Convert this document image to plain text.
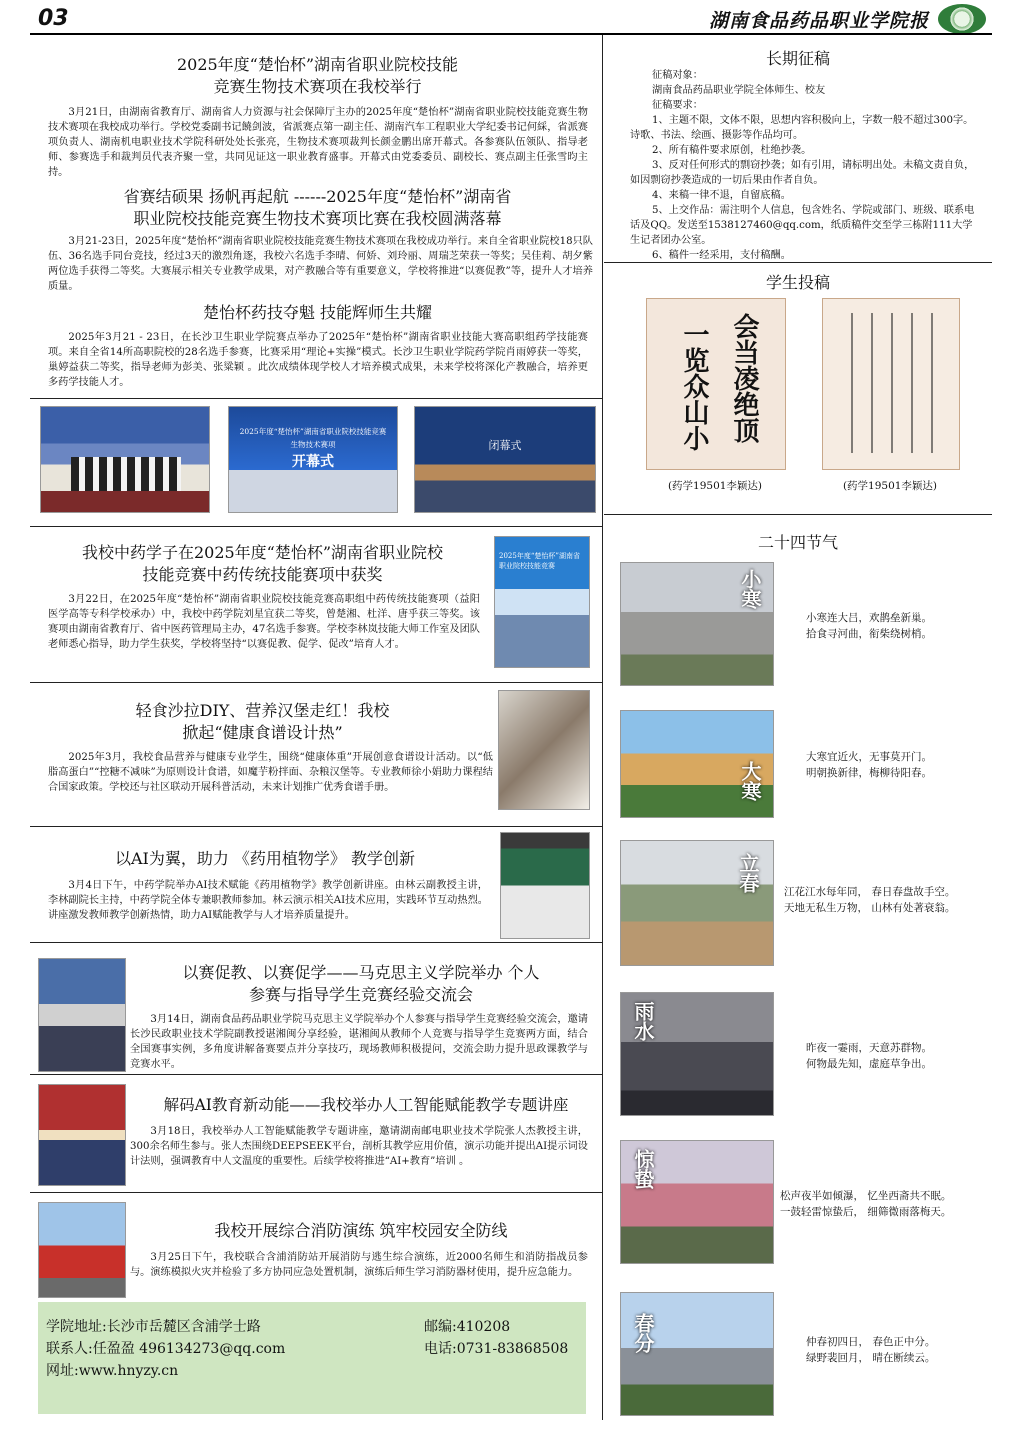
03	湖南食品药品职业学院报
2025年度“楚怡杯”湖南省职业院校技能
竞赛生物技术赛项在我校举行
3月21日，由湖南省教育厅、湖南省人力资源与社会保障厅主办的2025年度“楚怡杯”湖南省职业院校技能竞赛生物技术赛项在我校成功举行。学校党委副书记饒剑波，省派赛点第一副主任、湖南汽车工程职业大学纪委书记何綵，省派赛项负责人、湖南机电职业技术学院科研处处长张亮，生物技术赛项裁判长颜金鹏出席开幕式。各参赛队伍领队、指导老师、参赛选手和裁判员代表齐聚一堂，共同见证这一职业教育盛事。开幕式由党委委员、副校长、赛点副主任张雪昀主持。
省赛结硕果 扬帆再起航 ------2025年度“楚怡杯”湖南省
职业院校技能竞赛生物技术赛项比赛在我校圆满落幕
3月21-23日，2025年度“楚怡杯”湖南省职业院校技能竞赛生物技术赛项在我校成功举行。来自全省职业院校18只队伍、36名选手同台竞技，经过3天的激烈角逐，我校六名选手李晴、何娇、刘玲丽、周瑞芝荣获一等奖；吴佳莉、胡夕紫两位选手获得二等奖。大赛展示相关专业教学成果，对产教融合等有重要意义，学校将推进“以赛促教”等，提升人才培养质量。
楚怡杯药技夺魁 技能辉师生共耀
2025年3月21 - 23日，在长沙卫生职业学院赛点举办了2025年“楚怡杯”湖南省职业技能大赛高职组药学技能赛项。来自全省14所高职院校的28名选手参赛，比赛采用“理论+实操”模式。长沙卫生职业学院药学院肖雨婷获一等奖，巢婷益获二等奖，指导老师为彭美、张粱颖 。此次成绩体现学校人才培养模式成果，未来学校将深化产教融合，培养更多药学技能人才。
2025年度“楚怡杯”湖南省职业院校技能竞赛
生物技术赛项
开幕式
闭幕式
我校中药学子在2025年度“楚怡杯”湖南省职业院校
技能竞赛中药传统技能赛项中获奖
3月22日，在2025年度“楚怡杯”湖南省职业院校技能竞赛高职组中药传统技能赛项（益阳医学高等专科学校承办）中，我校中药学院刘星宜获二等奖，曾楚湘、杜洋、唐乎获三等奖。该赛项由湖南省教育厅、省中医药管理局主办，47名选手参赛。学校李林岚技能大师工作室及团队老师悉心指导，助力学生获奖，学校将坚持“以赛促教、促学、促改”培育人才。
2025年度“楚怡杯”湖南省职业院校技能竞赛
轻食沙拉DIY、营养汉堡走红！我校
掀起“健康食谱设计热”
2025年3月，我校食品营养与健康专业学生，围绕“健康体重”开展创意食谱设计活动。以“低脂高蛋白”“控糖不减味”为原则设计食谱，如魔芋粉拌面、杂粮汉堡等。专业教师徐小娟助力课程结合国家政策。学校还与社区联动开展科普活动，未来计划推广优秀食谱手册。
以AI为翼，助力 《药用植物学》 教学创新
3月4日下午，中药学院举办AI技术赋能《药用植物学》教学创新讲座。由林云副教授主讲，李林副院长主持，中药学院全体专兼职教师参加。林云演示相关AI技术应用，实践环节互动热烈。讲座激发教师教学创新热情，助力AI赋能教学与人才培养质量提升。
以赛促教、以赛促学——马克思主义学院举办 个人
参赛与指导学生竞赛经验交流会
3月14日，湖南食品药品职业学院马克思主义学院举办个人参赛与指导学生竞赛经验交流会，邀请长沙民政职业技术学院副教授谌湘闽分享经验，谌湘闽从教师个人竞赛与指导学生竞赛两方面，结合全国赛事实例，多角度讲解备赛要点并分享技巧，现场教师积极提问，交流会助力提升思政课教学与竞赛水平。
解码AI教育新动能——我校举办人工智能赋能教学专题讲座
3月18日，我校举办人工智能赋能教学专题讲座，邀请湖南邮电职业技术学院张人杰教授主讲，300余名师生参与。张人杰围绕DEEPSEEK平台，剖析其教学应用价值，演示功能并提出AI提示词设计法则，强调教育中人文温度的重要性。后续学校将推进“AI+教育”培训 。
我校开展综合消防演练 筑牢校园安全防线
3月25日下午，我校联合含浦消防站开展消防与逃生综合演练，近2000名师生和消防指战员参与。演练模拟火灾并检验了多方协同应急处置机制，演练后师生学习消防器材使用，提升应急能力。
学院地址:长沙市岳麓区含浦学士路	邮编:410208
联系人:任盈盈 496134273@qq.com	电话:0731-83868508
网址:www.hnyzy.cn
长期征稿
征稿对象：
湖南食品药品职业学院全体师生、校友
征稿要求：
1、主题不限，文体不限，思想内容积极向上，字数一般不超过300字。诗歌、书法、绘画、摄影等作品均可。
2、所有稿件要求原创，杜绝抄袭。
3、反对任何形式的剽窃抄袭；如有引用，请标明出处。未稿文责自负，如因剽窃抄袭造成的一切后果由作者自负。
4、来稿一律不退，自留底稿。
5、上交作品：需注明个人信息，包含姓名、学院或部门、班级、联系电话及QQ。发送至1538127460@qq.com，纸质稿件交至学三栋附111大学生记者团办公室。
6、稿件一经采用，支付稿酬。
学生投稿
会当凌绝顶
一览众山小
(药学19501李颖达)	(药学19501李颖达)
二十四节气
小寒
小寒连大吕，欢鹊垒新巢。
拾食寻河曲，衔柴绕树梢。
大寒
大寒宜近火，无事莫开门。
明朝换新律，梅柳待阳春。
立春 江花江水每年同， 春日春盘故手空。
天地无私生万物， 山林有处著衰翁。
雨水
昨夜一霎雨，天意苏群物。
何物最先知，虚庭草争出。
惊蛰
松声夜半如倾瀑， 忆坐西斋共不眠。
一鼓轻雷惊蛰后， 细筛微雨落梅天。
春分	仲春初四日， 春色正中分。
绿野裴回月， 晴在断续云。
